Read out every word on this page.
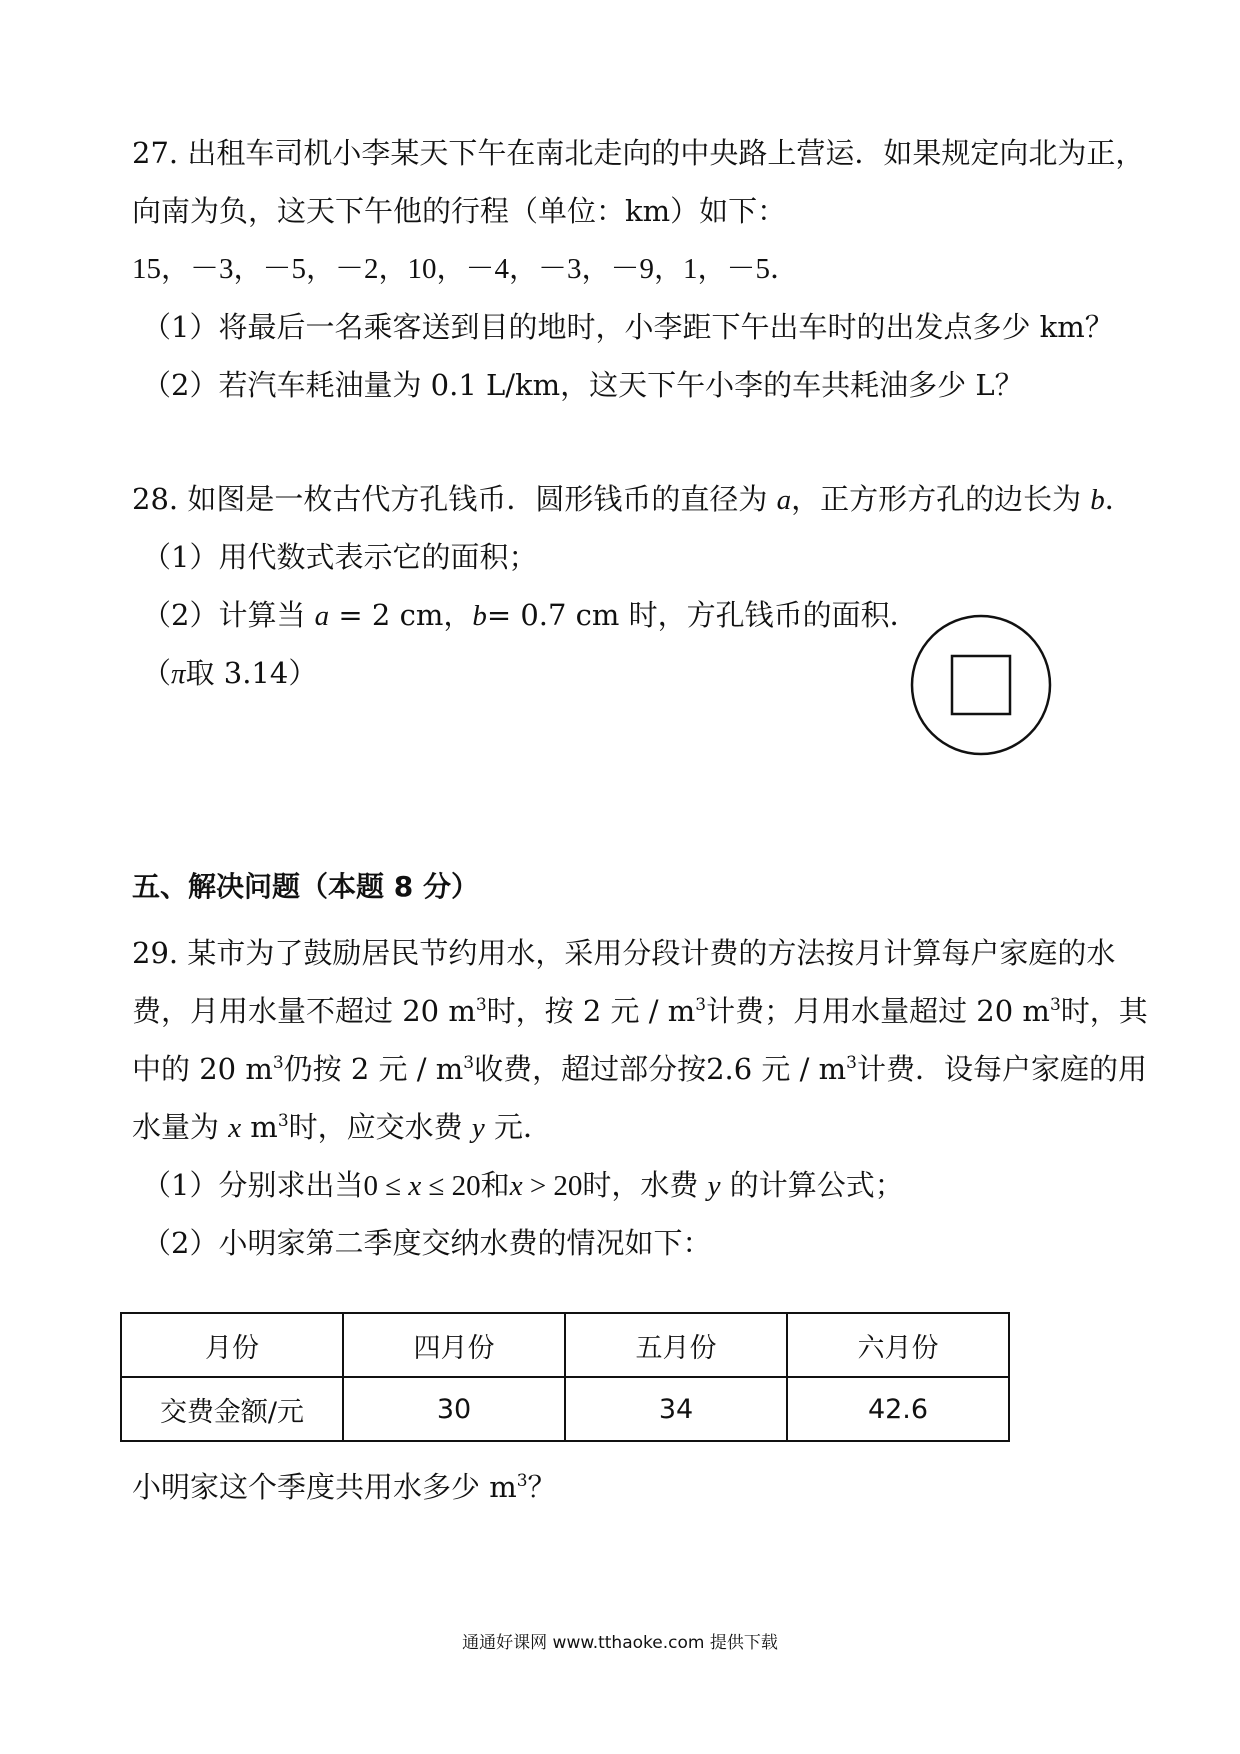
27. 出租车司机小李某天下午在南北走向的中央路上营运．如果规定向北为正，

向南为负，这天下午他的行程（单位：km）如下：

15，－3，－5，－2，10，－4，－3，－9，1，－5．

（1）将最后一名乘客送到目的地时，小李距下午出车时的出发点多少 km？

（2）若汽车耗油量为 0.1 L/km，这天下午小李的车共耗油多少 L？

28. 如图是一枚古代方孔钱币．圆形钱币的直径为 a，正方形方孔的边长为 b．

（1）用代数式表示它的面积；

（2）计算当 a = 2 cm，b= 0.7 cm 时，方孔钱币的面积．

（π取 3.14）

五、解决问题（本题 8 分）

29. 某市为了鼓励居民节约用水，采用分段计费的方法按月计算每户家庭的水

费，月用水量不超过 20 $m^3$时，按 2 元 / $m^3$计费；月用水量超过 20 $m^3$时，其

中的 20 $m^3$仍按 2 元 / $m^3$收费，超过部分按2.6 元 / $m^3$计费．设每户家庭的用

水量为 x $m^3$时，应交水费 y 元．

（1）分别求出当0 ≤ x ≤ 20和x > 20时，水费 y 的计算公式；

（2）小明家第二季度交纳水费的情况如下：

月份	四月份	五月份	六月份
交费金额/元	30	34	42.6

小明家这个季度共用水多少 $m^3$？

通通好课网 www.tthaoke.com 提供下载
